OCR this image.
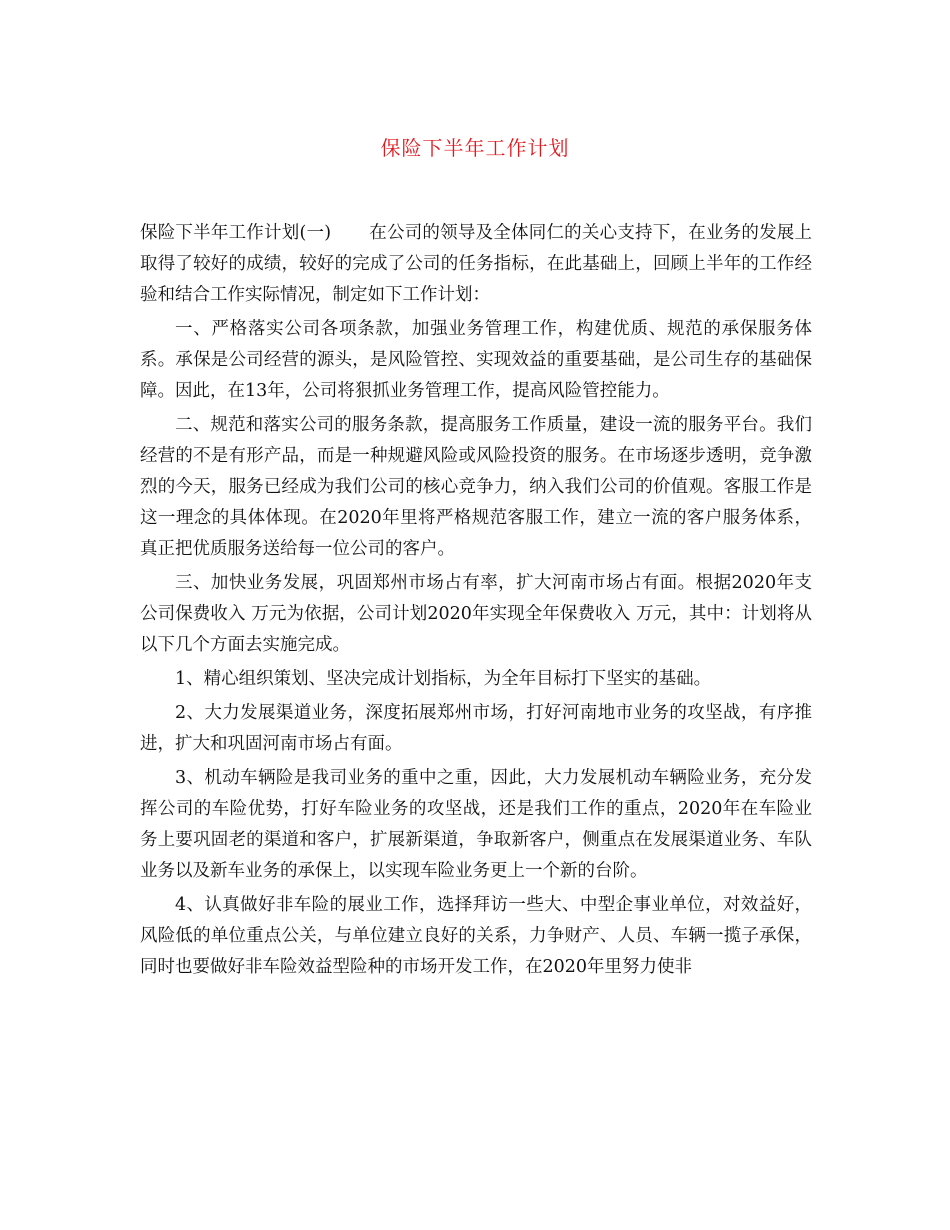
保险下半年工作计划

保险下半年工作计划(一) 在公司的领导及全体同仁的关心支持下，在业务的发展上取得了较好的成绩，较好的完成了公司的任务指标，在此基础上，回顾上半年的工作经验和结合工作实际情况，制定如下工作计划：

一、严格落实公司各项条款，加强业务管理工作，构建优质、规范的承保服务体系。承保是公司经营的源头，是风险管控、实现效益的重要基础，是公司生存的基础保障。因此，在13年，公司将狠抓业务管理工作，提高风险管控能力。

二、规范和落实公司的服务条款，提高服务工作质量，建设一流的服务平台。我们经营的不是有形产品，而是一种规避风险或风险投资的服务。在市场逐步透明，竞争激烈的今天，服务已经成为我们公司的核心竞争力，纳入我们公司的价值观。客服工作是这一理念的具体体现。在2020年里将严格规范客服工作，建立一流的客户服务体系，真正把优质服务送给每一位公司的客户。

三、加快业务发展，巩固郑州市场占有率，扩大河南市场占有面。根据2020年支公司保费收入 万元为依据，公司计划2020年实现全年保费收入 万元，其中：计划将从以下几个方面去实施完成。

1、精心组织策划、坚决完成计划指标，为全年目标打下坚实的基础。

2、大力发展渠道业务，深度拓展郑州市场，打好河南地市业务的攻坚战，有序推进，扩大和巩固河南市场占有面。

3、机动车辆险是我司业务的重中之重，因此，大力发展机动车辆险业务，充分发挥公司的车险优势，打好车险业务的攻坚战，还是我们工作的重点，2020年在车险业务上要巩固老的渠道和客户，扩展新渠道，争取新客户，侧重点在发展渠道业务、车队业务以及新车业务的承保上，以实现车险业务更上一个新的台阶。

4、认真做好非车险的展业工作，选择拜访一些大、中型企事业单位，对效益好，风险低的单位重点公关，与单位建立良好的关系，力争财产、人员、车辆一揽子承保，同时也要做好非车险效益型险种的市场开发工作，在2020年里努力使非
